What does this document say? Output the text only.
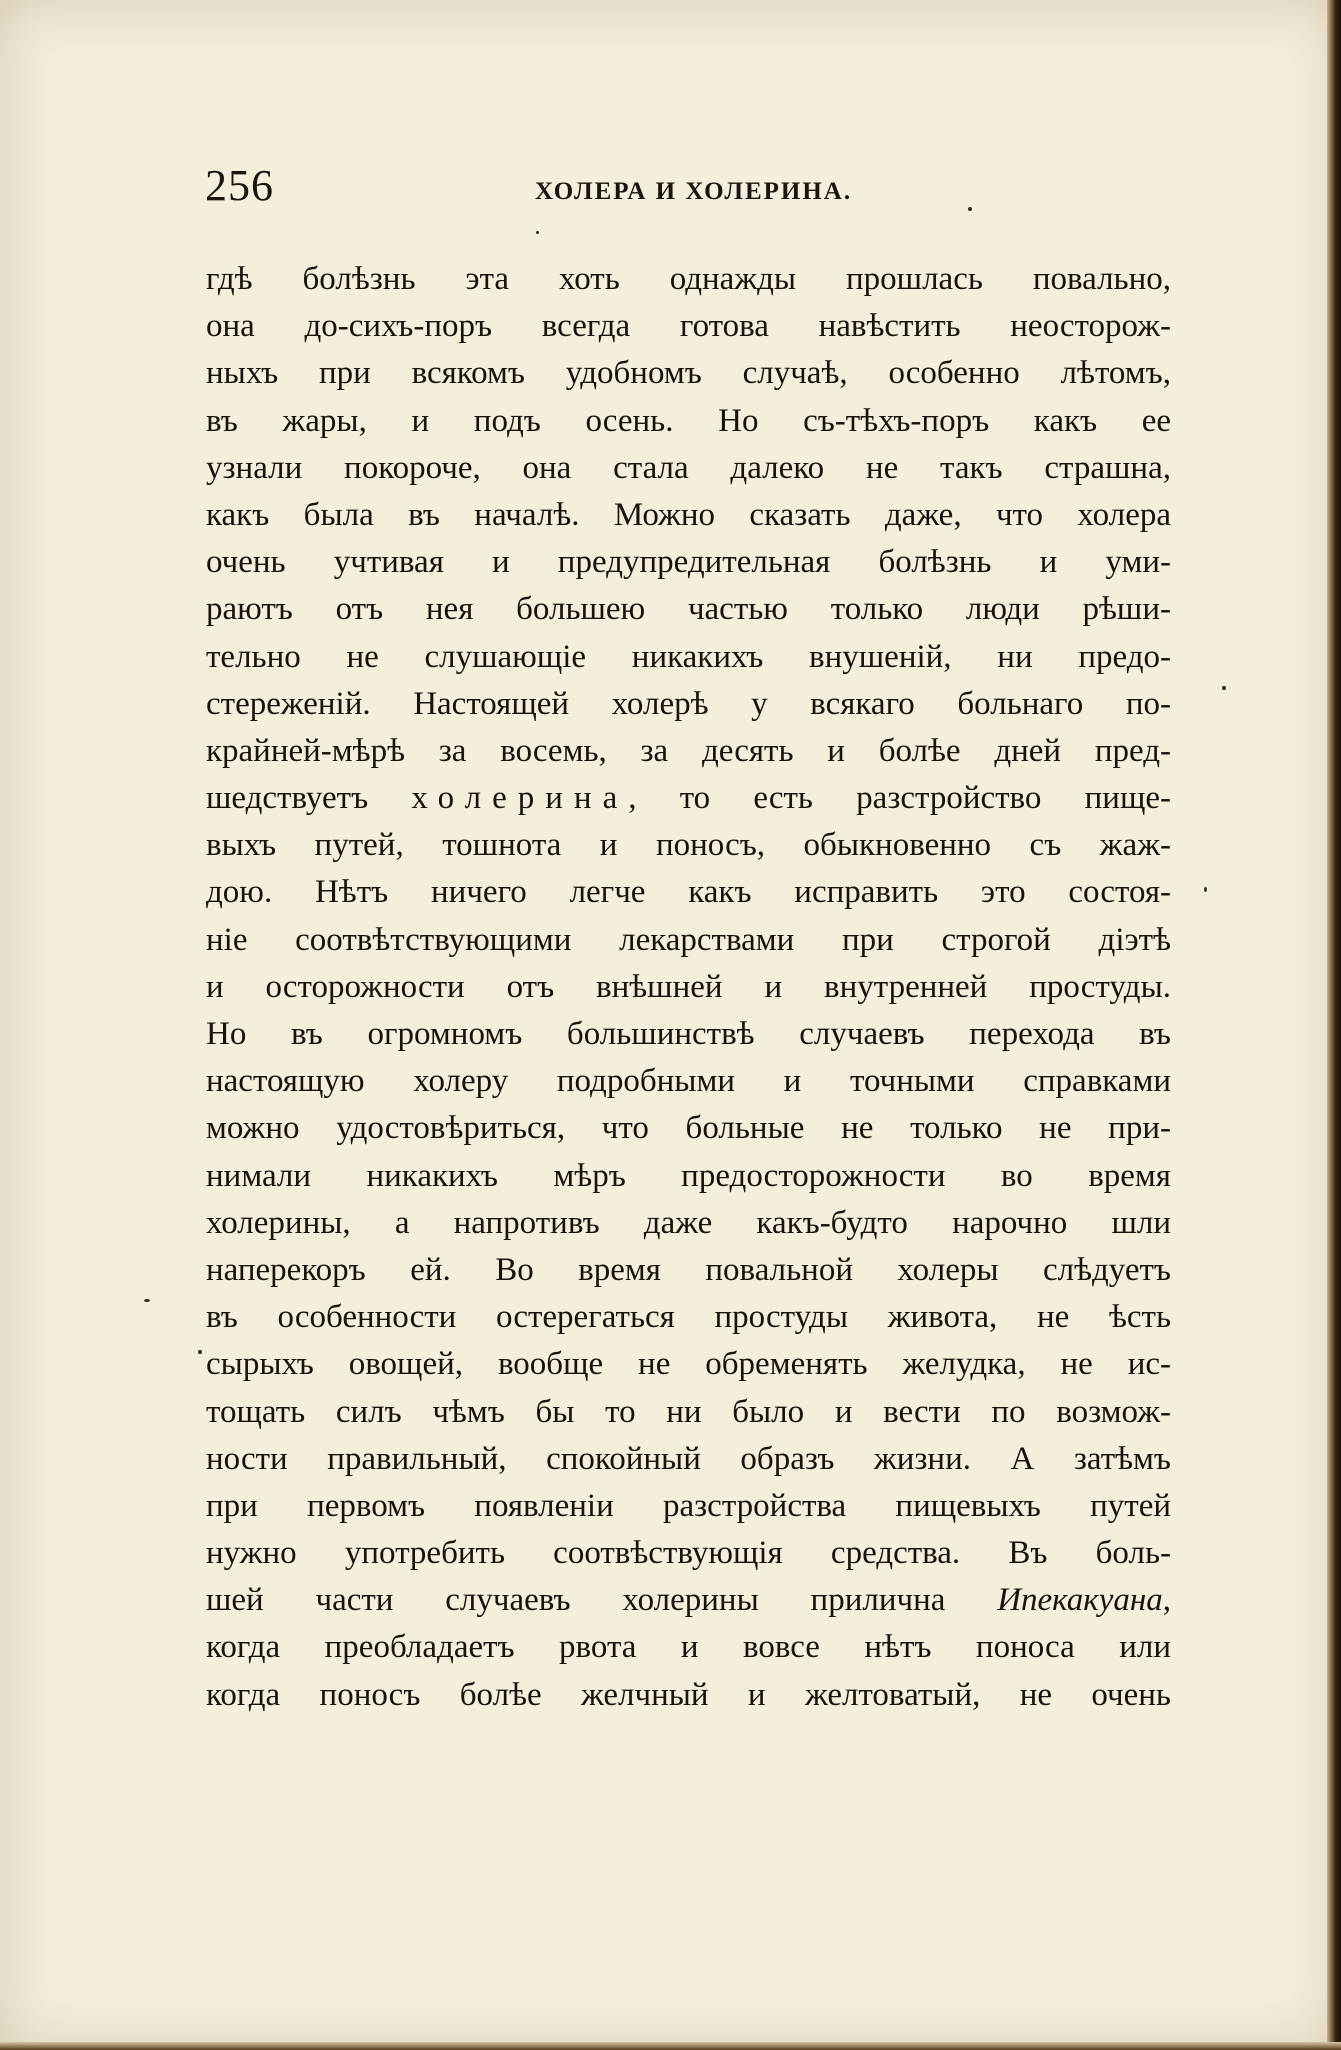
256	ХОЛЕРА И ХОЛЕРИНА.
гдѣ болѣзнь эта хоть однажды прошлась повально,
она до-сихъ-поръ всегда готова навѣстить неосторож-
ныхъ при всякомъ удобномъ случаѣ, особенно лѣтомъ,
въ жары, и подъ осень. Но съ-тѣхъ-поръ какъ ее
узнали покороче, она стала далеко не такъ страшна,
какъ была въ началѣ. Можно сказать даже, что холера
очень учтивая и предупредительная болѣзнь и уми-
раютъ отъ нея большею частью только люди рѣши-
тельно не слушающіе никакихъ внушеній, ни предо-
стереженій. Настоящей холерѣ у всякаго больнаго по-
крайней-мѣрѣ за восемь, за десять и болѣе дней пред-
шедствуетъ холерина, то есть разстройство пище-
выхъ путей, тошнота и поносъ, обыкновенно съ жаж-
дою. Нѣтъ ничего легче какъ исправить это состоя-
ніе соотвѣтствующими лекарствами при строгой діэтѣ
и осторожности отъ внѣшней и внутренней простуды.
Но въ огромномъ большинствѣ случаевъ перехода въ
настоящую холеру подробными и точными справками
можно удостовѣриться, что больные не только не при-
нимали никакихъ мѣръ предосторожности во время
холерины, а напротивъ даже какъ-будто нарочно шли
наперекоръ ей. Во время повальной холеры слѣдуетъ
въ особенности остерегаться простуды живота, не ѣсть
сырыхъ овощей, вообще не обременять желудка, не ис-
тощать силъ чѣмъ бы то ни было и вести по возмож-
ности правильный, спокойный образъ жизни. А затѣмъ
при первомъ появленіи разстройства пищевыхъ путей
нужно употребить соотвѣствующія средства. Въ боль-
шей части случаевъ холерины прилична Ипекакуана,
когда преобладаетъ рвота и вовсе нѣтъ поноса или
когда поносъ болѣе желчный и желтоватый, не очень
